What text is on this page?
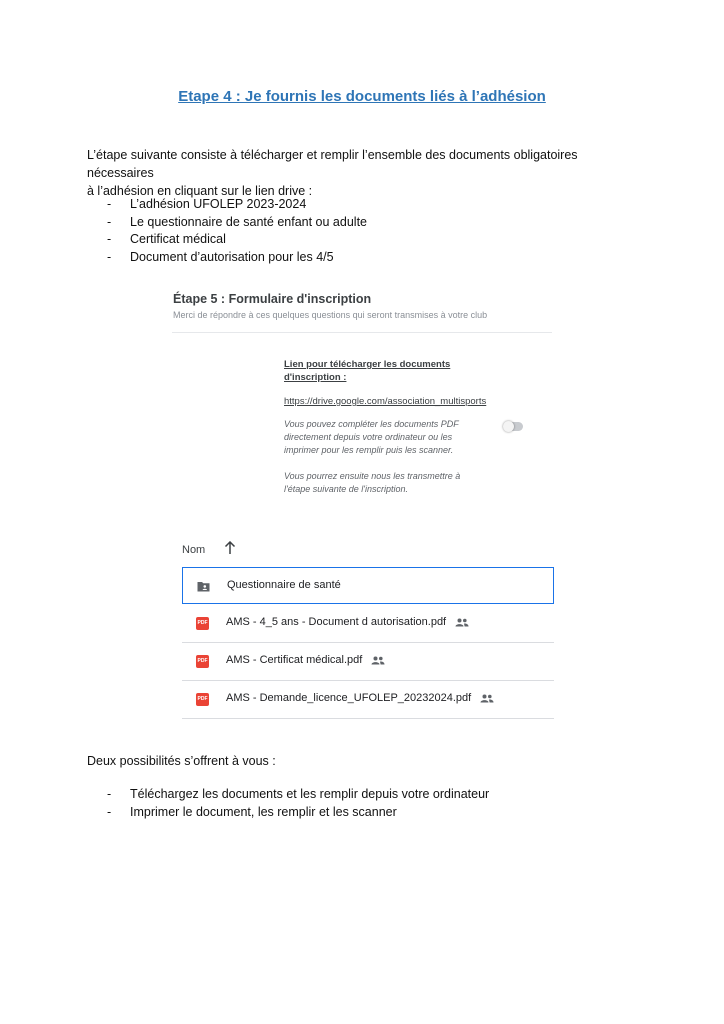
Etape 4 : Je fournis les documents liés à l’adhésion
L’étape suivante consiste à télécharger et remplir l’ensemble des documents obligatoires nécessaires
à l’adhésion en cliquant sur le lien drive :
- L’adhésion UFOLEP 2023-2024
- Le questionnaire de santé enfant ou adulte
- Certificat médical
- Document d’autorisation pour les 4/5
Étape 5 : Formulaire d'inscription
Merci de répondre à ces quelques questions qui seront transmises à votre club
Lien pour télécharger les documents d'inscription :
https://drive.google.com/association_multisports
Vous pouvez compléter les documents PDF directement depuis votre ordinateur ou les imprimer pour les remplir puis les scanner.
Vous pourrez ensuite nous les transmettre à l'étape suivante de l'inscription.
Nom
Questionnaire de santé
PDF AMS - 4_5 ans - Document d autorisation.pdf
PDF AMS - Certificat médical.pdf
PDF AMS - Demande_licence_UFOLEP_20232024.pdf
Deux possibilités s’offrent à vous :
- Téléchargez les documents et les remplir depuis votre ordinateur
- Imprimer le document, les remplir et les scanner
